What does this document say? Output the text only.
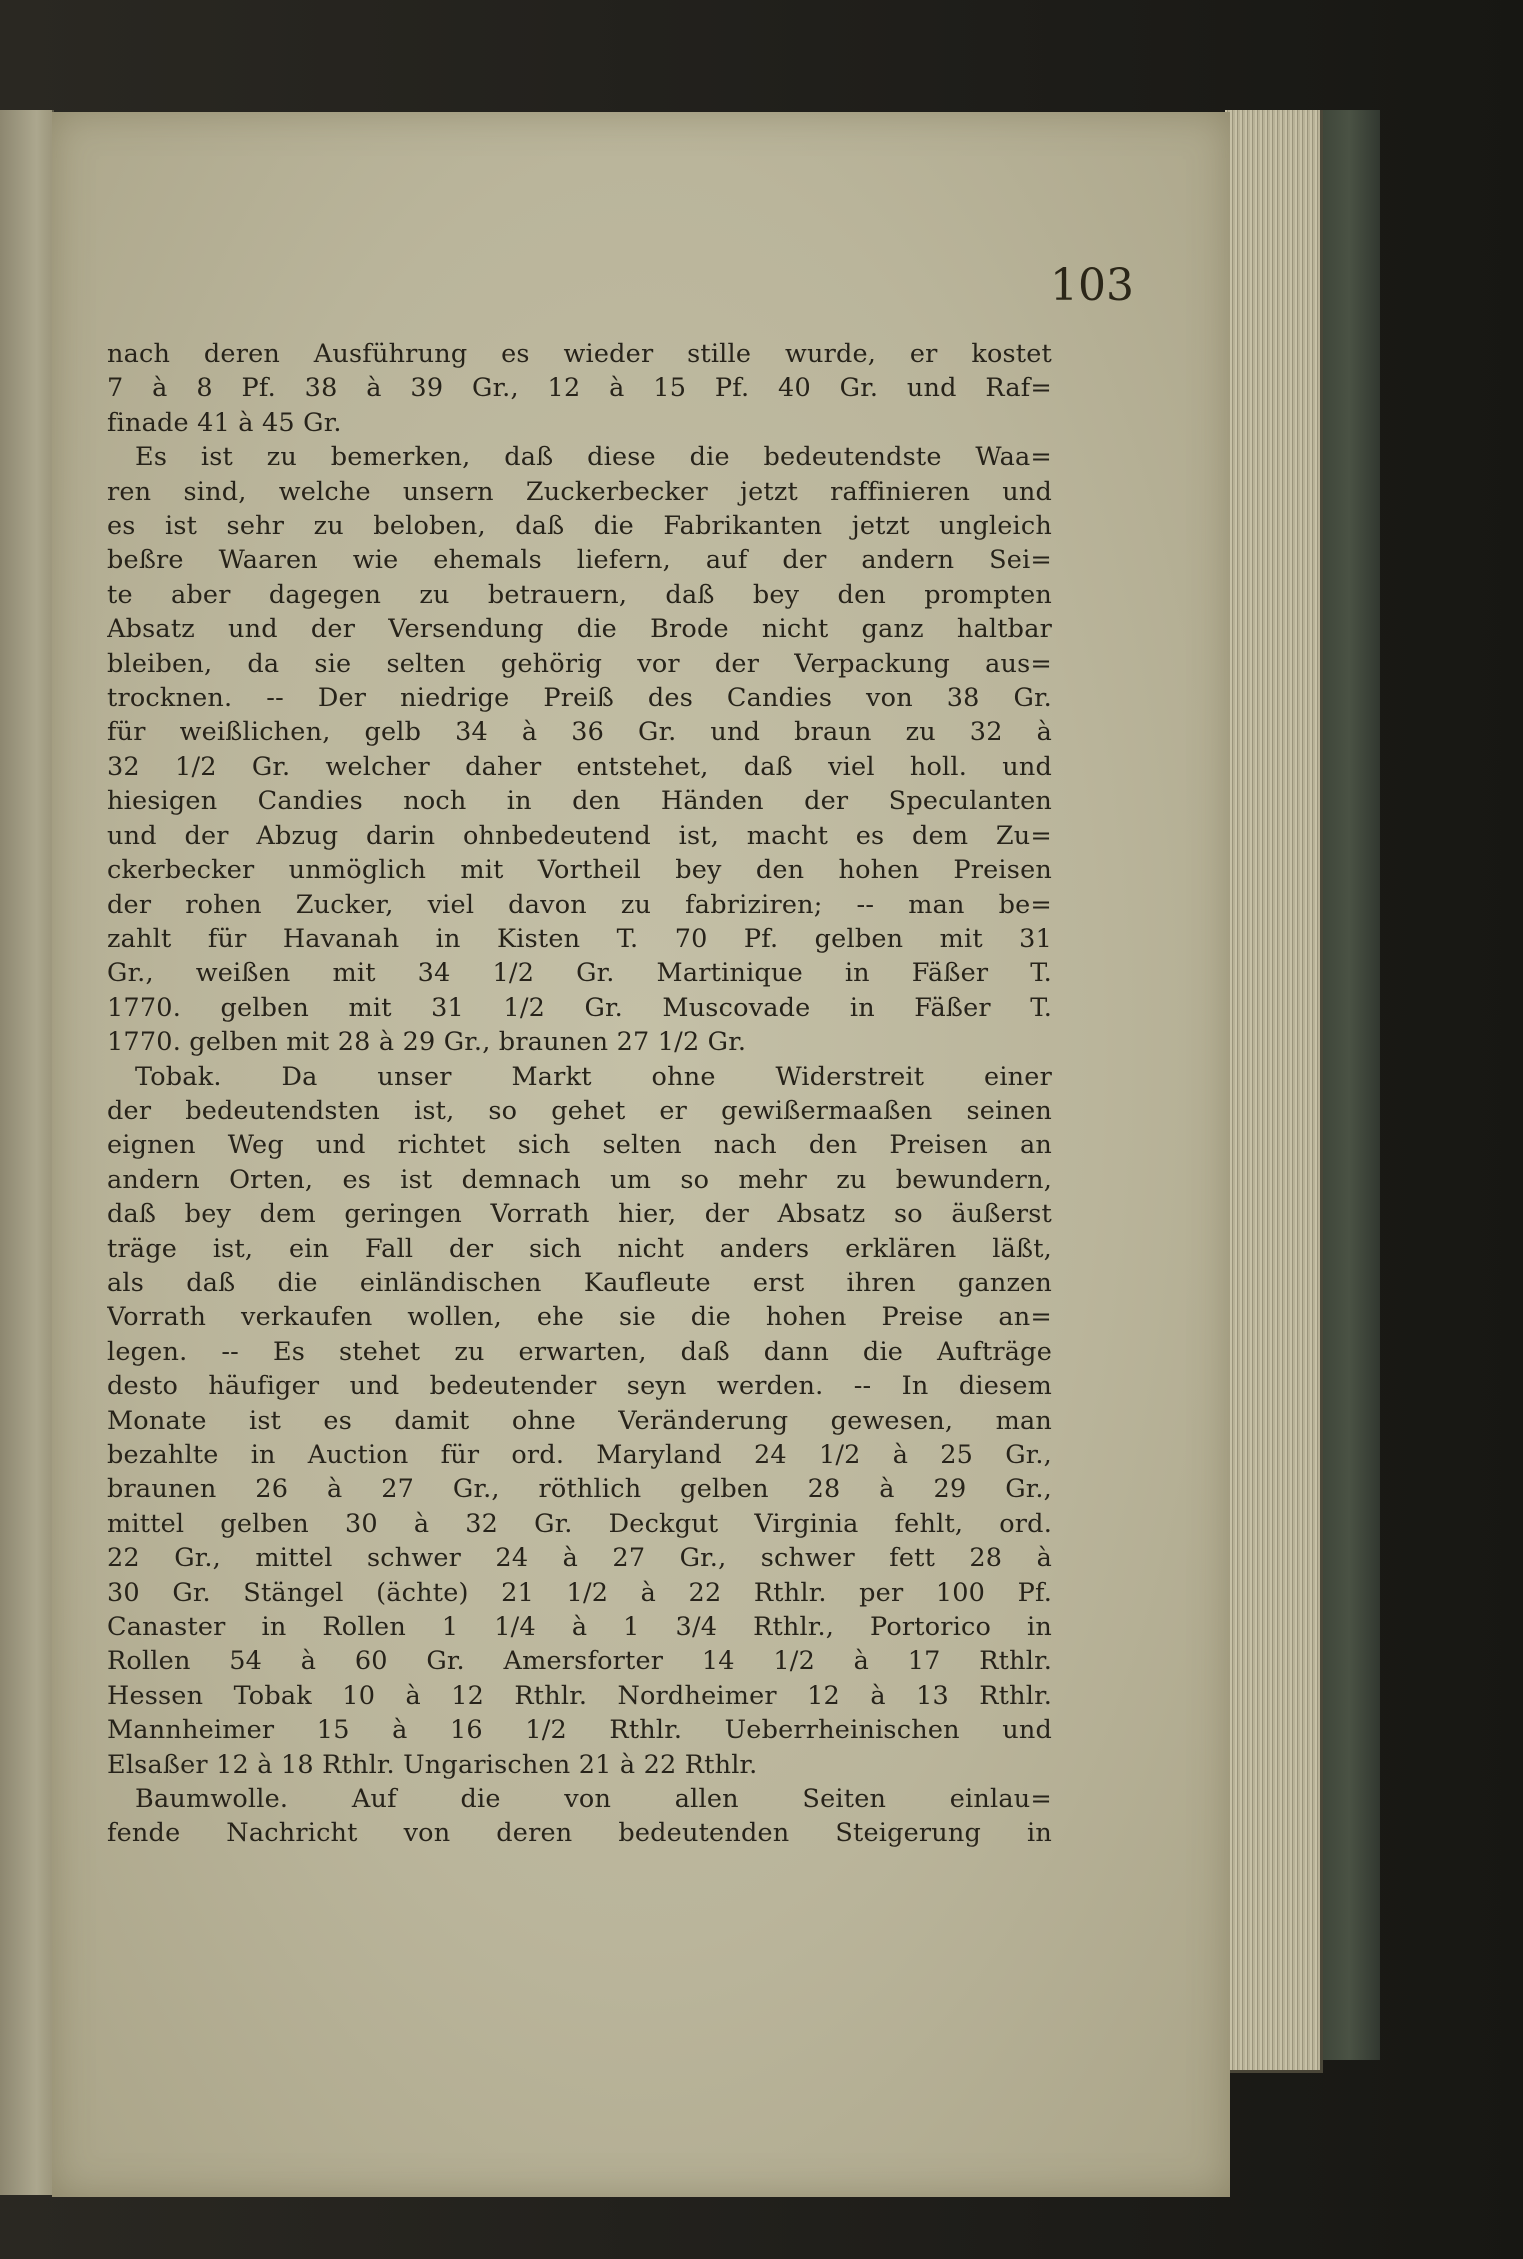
103
nach deren Ausführung es wieder stille wurde, er kostet
7 à 8 Pf. 38 à 39 Gr., 12 à 15 Pf. 40 Gr. und Raf=
finade 41 à 45 Gr.
Es ist zu bemerken, daß diese die bedeutendste Waa=
ren sind, welche unsern Zuckerbecker jetzt raffinieren und
es ist sehr zu beloben, daß die Fabrikanten jetzt ungleich
beßre Waaren wie ehemals liefern, auf der andern Sei=
te aber dagegen zu betrauern, daß bey den prompten
Absatz und der Versendung die Brode nicht ganz haltbar
bleiben, da sie selten gehörig vor der Verpackung aus=
trocknen. -- Der niedrige Preiß des Candies von 38 Gr.
für weißlichen, gelb 34 à 36 Gr. und braun zu 32 à
32 1/2 Gr. welcher daher entstehet, daß viel holl. und
hiesigen Candies noch in den Händen der Speculanten
und der Abzug darin ohnbedeutend ist, macht es dem Zu=
ckerbecker unmöglich mit Vortheil bey den hohen Preisen
der rohen Zucker, viel davon zu fabriziren; -- man be=
zahlt für Havanah in Kisten T. 70 Pf. gelben mit 31
Gr., weißen mit 34 1/2 Gr. Martinique in Fäßer T.
1770. gelben mit 31 1/2 Gr. Muscovade in Fäßer T.
1770. gelben mit 28 à 29 Gr., braunen 27 1/2 Gr.
Tobak. Da unser Markt ohne Widerstreit einer
der bedeutendsten ist, so gehet er gewißermaaßen seinen
eignen Weg und richtet sich selten nach den Preisen an
andern Orten, es ist demnach um so mehr zu bewundern,
daß bey dem geringen Vorrath hier, der Absatz so äußerst
träge ist, ein Fall der sich nicht anders erklären läßt,
als daß die einländischen Kaufleute erst ihren ganzen
Vorrath verkaufen wollen, ehe sie die hohen Preise an=
legen. -- Es stehet zu erwarten, daß dann die Aufträge
desto häufiger und bedeutender seyn werden. -- In diesem
Monate ist es damit ohne Veränderung gewesen, man
bezahlte in Auction für ord. Maryland 24 1/2 à 25 Gr.,
braunen 26 à 27 Gr., röthlich gelben 28 à 29 Gr.,
mittel gelben 30 à 32 Gr. Deckgut Virginia fehlt, ord.
22 Gr., mittel schwer 24 à 27 Gr., schwer fett 28 à
30 Gr. Stängel (ächte) 21 1/2 à 22 Rthlr. per 100 Pf.
Canaster in Rollen 1 1/4 à 1 3/4 Rthlr., Portorico in
Rollen 54 à 60 Gr. Amersforter 14 1/2 à 17 Rthlr.
Hessen Tobak 10 à 12 Rthlr. Nordheimer 12 à 13 Rthlr.
Mannheimer 15 à 16 1/2 Rthlr. Ueberrheinischen und
Elsaßer 12 à 18 Rthlr. Ungarischen 21 à 22 Rthlr.
Baumwolle. Auf die von allen Seiten einlau=
fende Nachricht von deren bedeutenden Steigerung in
